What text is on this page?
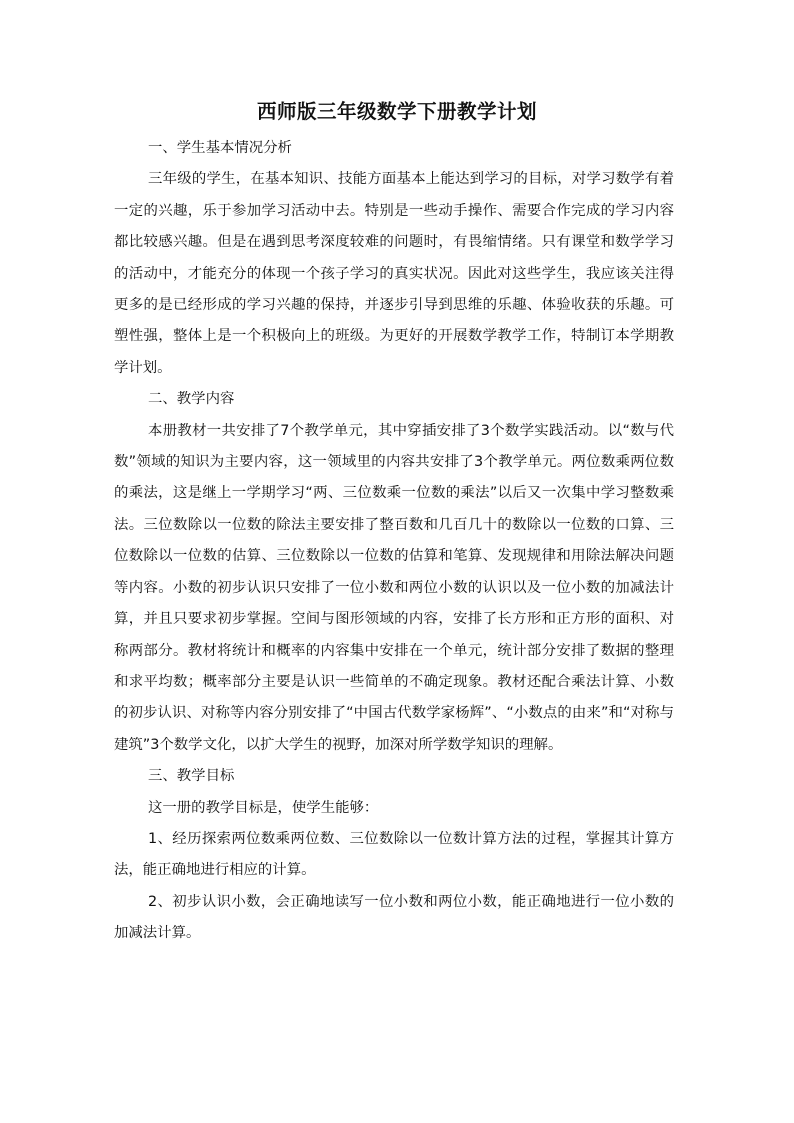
西师版三年级数学下册教学计划

一、学生基本情况分析

三年级的学生，在基本知识、技能方面基本上能达到学习的目标，对学习数学有着一定的兴趣，乐于参加学习活动中去。特别是一些动手操作、需要合作完成的学习内容都比较感兴趣。但是在遇到思考深度较难的问题时，有畏缩情绪。只有课堂和数学学习的活动中，才能充分的体现一个孩子学习的真实状况。因此对这些学生，我应该关注得更多的是已经形成的学习兴趣的保持，并逐步引导到思维的乐趣、体验收获的乐趣。可塑性强，整体上是一个积极向上的班级。为更好的开展数学教学工作，特制订本学期教学计划。

二、教学内容

本册教材一共安排了7个教学单元，其中穿插安排了3个数学实践活动。以“数与代数”领域的知识为主要内容，这一领域里的内容共安排了3个教学单元。两位数乘两位数的乘法，这是继上一学期学习“两、三位数乘一位数的乘法”以后又一次集中学习整数乘法。三位数除以一位数的除法主要安排了整百数和几百几十的数除以一位数的口算、三位数除以一位数的估算、三位数除以一位数的估算和笔算、发现规律和用除法解决问题等内容。小数的初步认识只安排了一位小数和两位小数的认识以及一位小数的加减法计算，并且只要求初步掌握。空间与图形领域的内容，安排了长方形和正方形的面积、对称两部分。教材将统计和概率的内容集中安排在一个单元，统计部分安排了数据的整理和求平均数；概率部分主要是认识一些简单的不确定现象。教材还配合乘法计算、小数的初步认识、对称等内容分别安排了“中国古代数学家杨辉”、“小数点的由来”和“对称与建筑”3个数学文化，以扩大学生的视野，加深对所学数学知识的理解。

三、教学目标

这一册的教学目标是，使学生能够：

1、经历探索两位数乘两位数、三位数除以一位数计算方法的过程，掌握其计算方法，能正确地进行相应的计算。

2、初步认识小数，会正确地读写一位小数和两位小数，能正确地进行一位小数的加减法计算。
